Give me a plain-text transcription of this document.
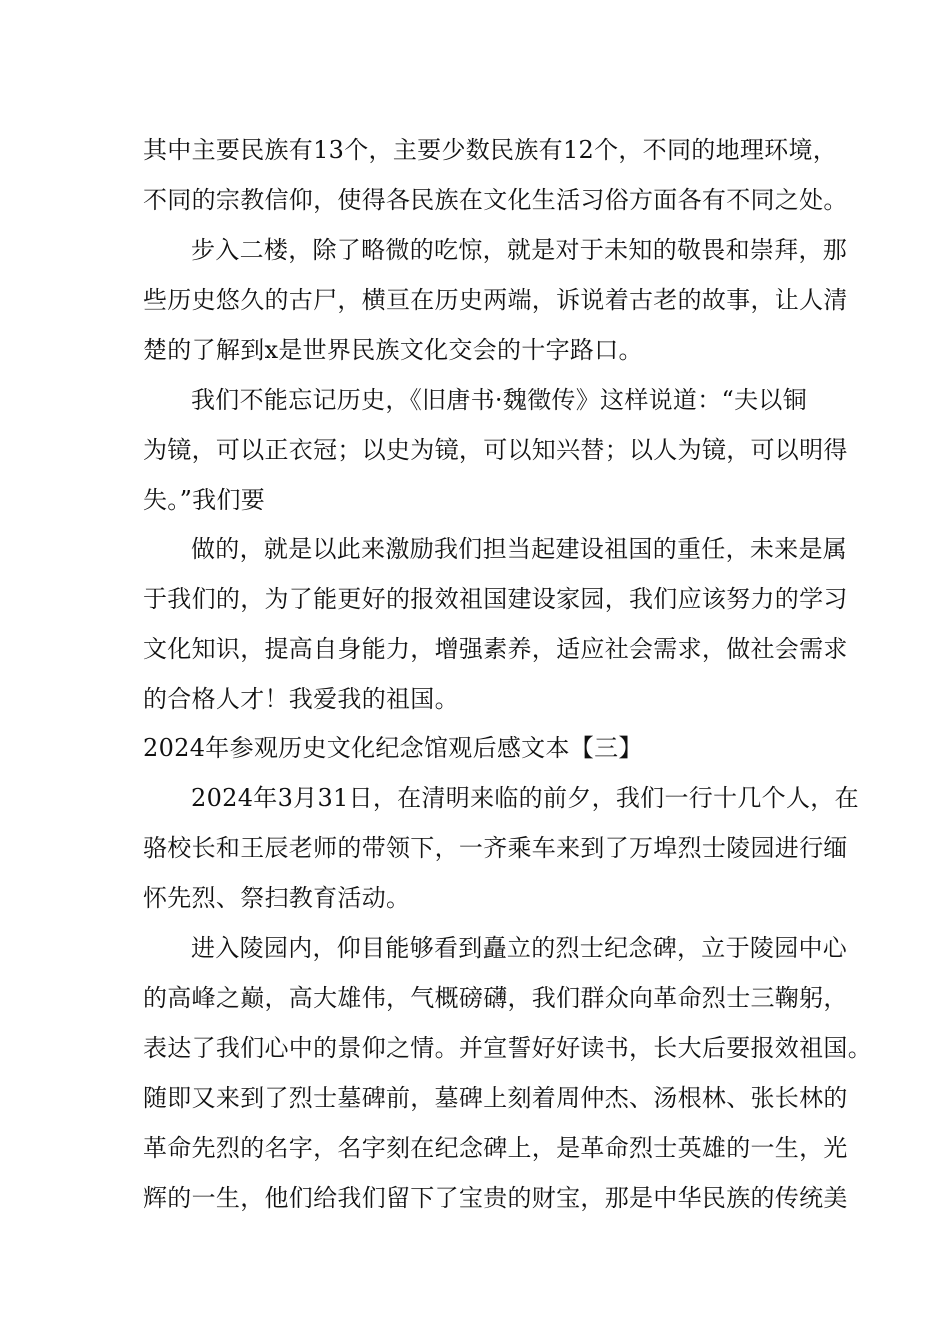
其中主要民族有13个，主要少数民族有12个，不同的地理环境，
不同的宗教信仰，使得各民族在文化生活习俗方面各有不同之处。
步入二楼，除了略微的吃惊，就是对于未知的敬畏和崇拜，那
些历史悠久的古尸，横亘在历史两端，诉说着古老的故事，让人清
楚的了解到x是世界民族文化交会的十字路口。
我们不能忘记历史，《旧唐书·魏徵传》这样说道：“夫以铜
为镜，可以正衣冠；以史为镜，可以知兴替；以人为镜，可以明得
失。”我们要
做的，就是以此来激励我们担当起建设祖国的重任，未来是属
于我们的，为了能更好的报效祖国建设家园，我们应该努力的学习
文化知识，提高自身能力，增强素养，适应社会需求，做社会需求
的合格人才！我爱我的祖国。
2024年参观历史文化纪念馆观后感文本【三】
2024年3月31日，在清明来临的前夕，我们一行十几个人，在
骆校长和王辰老师的带领下，一齐乘车来到了万埠烈士陵园进行缅
怀先烈、祭扫教育活动。
进入陵园内，仰目能够看到矗立的烈士纪念碑，立于陵园中心
的高峰之巅，高大雄伟，气概磅礴，我们群众向革命烈士三鞠躬，
表达了我们心中的景仰之情。并宣誓好好读书，长大后要报效祖国。
随即又来到了烈士墓碑前，墓碑上刻着周仲杰、汤根林、张长林的
革命先烈的名字，名字刻在纪念碑上，是革命烈士英雄的一生，光
辉的一生，他们给我们留下了宝贵的财宝，那是中华民族的传统美
